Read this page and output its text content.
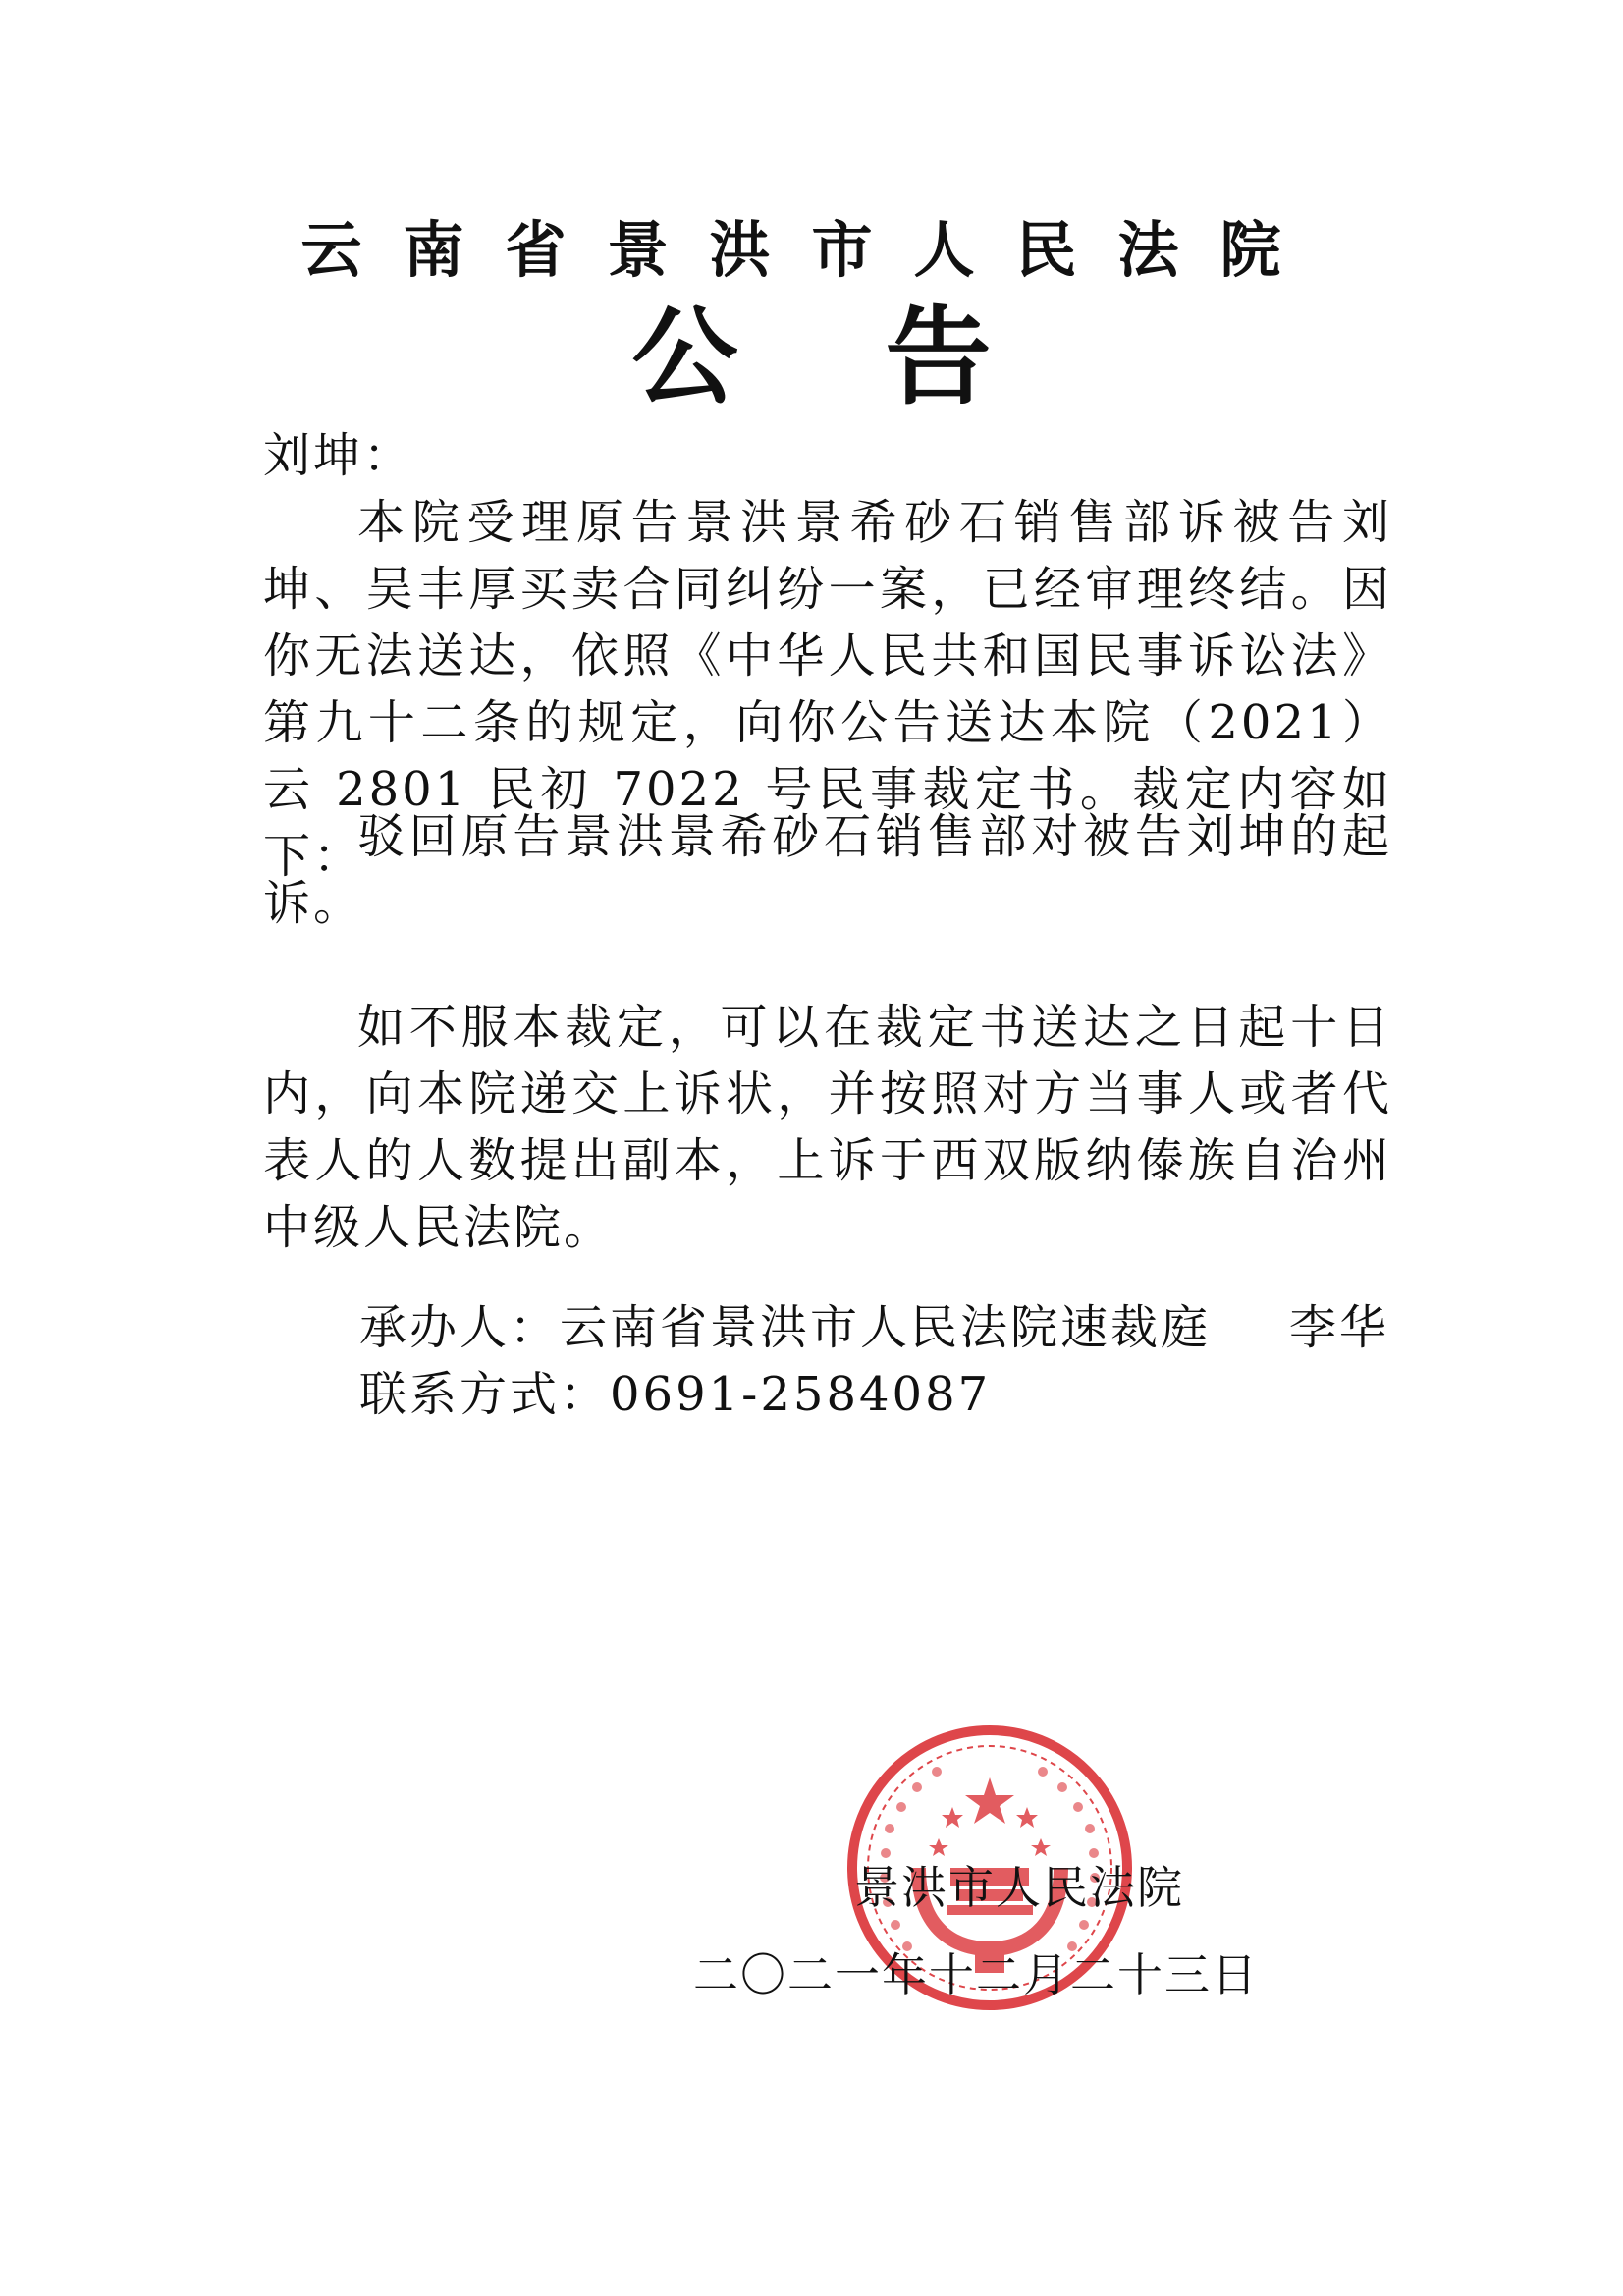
云南省景洪市人民法院
公告
刘坤：
本院受理原告景洪景希砂石销售部诉被告刘坤、吴丰厚买卖合同纠纷一案，已经审理终结。因你无法送达，依照《中华人民共和国民事诉讼法》第九十二条的规定，向你公告送达本院（2021）云 2801 民初 7022 号民事裁定书。裁定内容如下：
驳回原告景洪景希砂石销售部对被告刘坤的起诉。
如不服本裁定，可以在裁定书送达之日起十日内，向本院递交上诉状，并按照对方当事人或者代表人的人数提出副本，上诉于西双版纳傣族自治州中级人民法院。
承办人：云南省景洪市人民法院速裁庭 李华
联系方式：0691-2584087
景洪市人民法院
二〇二一年十二月二十三日
